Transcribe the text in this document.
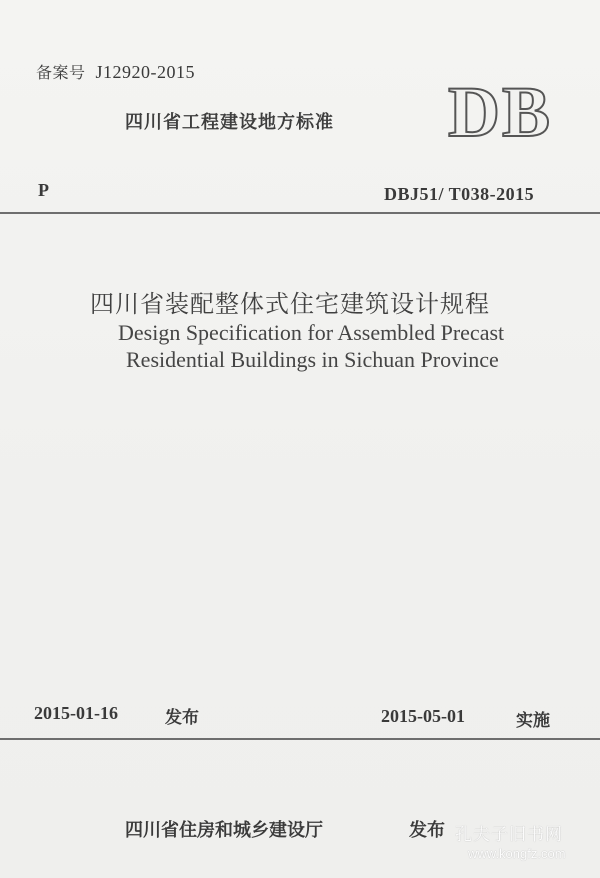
备案号 J12920-2015
四川省工程建设地方标准 DB
P	DBJ51/ T038-2015
四川省装配整体式住宅建筑设计规程
Design Specification for Assembled Precast
Residential Buildings in Sichuan Province
2015-01-16	发布	2015-05-01	实施
四川省住房和城乡建设厅	发布 孔夫子旧书网
www.kongfz.com
